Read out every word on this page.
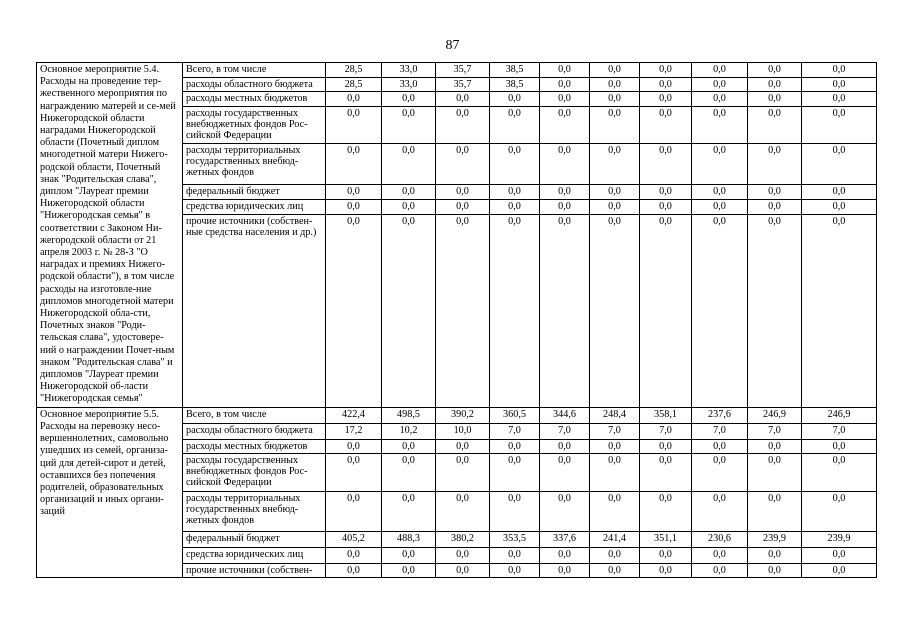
87
Основное мероприятие 5.4. Расходы на проведение тер-жественного мероприятия по награждению матерей и се-мей Нижегородской области наградами Нижегородской области (Почетный диплом многодетной матери Нижего-родской области, Почетный знак "Родительская слава", диплом "Лауреат премии Нижегородской области "Нижегородская семья" в соответствии с Законом Ни-жегородской области от 21 апреля 2003 г. № 28-З "О наградах и премиях Нижего-родской области"), в том числе расходы на изготовле-ние дипломов многодетной матери Нижегородской обла-сти, Почетных знаков "Роди-тельская слава", удостовере-ний о награждении Почет-ным знаком "Родительская слава" и дипломов "Лауреат премии Нижегородской об-ласти "Нижегородская семья"	Всего, в том числе	28,5	33,0	35,7	38,5	0,0	0,0	0,0	0,0	0,0	0,0
	расходы областного бюджета	28,5	33,0	35,7	38,5	0,0	0,0	0,0	0,0	0,0	0,0
	расходы местных бюджетов	0,0	0,0	0,0	0,0	0,0	0,0	0,0	0,0	0,0	0,0
	расходы государственных внебюджетных фондов Рос-сийской Федерации	0,0	0,0	0,0	0,0	0,0	0,0	0,0	0,0	0,0	0,0
	расходы территориальных государственных внебюд-жетных фондов	0,0	0,0	0,0	0,0	0,0	0,0	0,0	0,0	0,0	0,0
	федеральный бюджет	0,0	0,0	0,0	0,0	0,0	0,0	0,0	0,0	0,0	0,0
	средства юридических лиц	0,0	0,0	0,0	0,0	0,0	0,0	0,0	0,0	0,0	0,0
	прочие источники (собствен-ные средства населения и др.)	0,0	0,0	0,0	0,0	0,0	0,0	0,0	0,0	0,0	0,0
Основное мероприятие 5.5. Расходы на перевозку несо-вершеннолетних, самовольно ушедших из семей, организа-ций для детей-сирот и детей, оставшихся без попечения родителей, образовательных организаций и иных органи-заций	Всего, в том числе	422,4	498,5	390,2	360,5	344,6	248,4	358,1	237,6	246,9	246,9
	расходы областного бюджета	17,2	10,2	10,0	7,0	7,0	7,0	7,0	7,0	7,0	7,0
	расходы местных бюджетов	0,0	0,0	0,0	0,0	0,0	0,0	0,0	0,0	0,0	0,0
	расходы государственных внебюджетных фондов Рос-сийской Федерации	0,0	0,0	0,0	0,0	0,0	0,0	0,0	0,0	0,0	0,0
	расходы территориальных государственных внебюд-жетных фондов	0,0	0,0	0,0	0,0	0,0	0,0	0,0	0,0	0,0	0,0
	федеральный бюджет	405,2	488,3	380,2	353,5	337,6	241,4	351,1	230,6	239,9	239,9
	средства юридических лиц	0,0	0,0	0,0	0,0	0,0	0,0	0,0	0,0	0,0	0,0
	прочие источники (собствен-	0,0	0,0	0,0	0,0	0,0	0,0	0,0	0,0	0,0	0,0
